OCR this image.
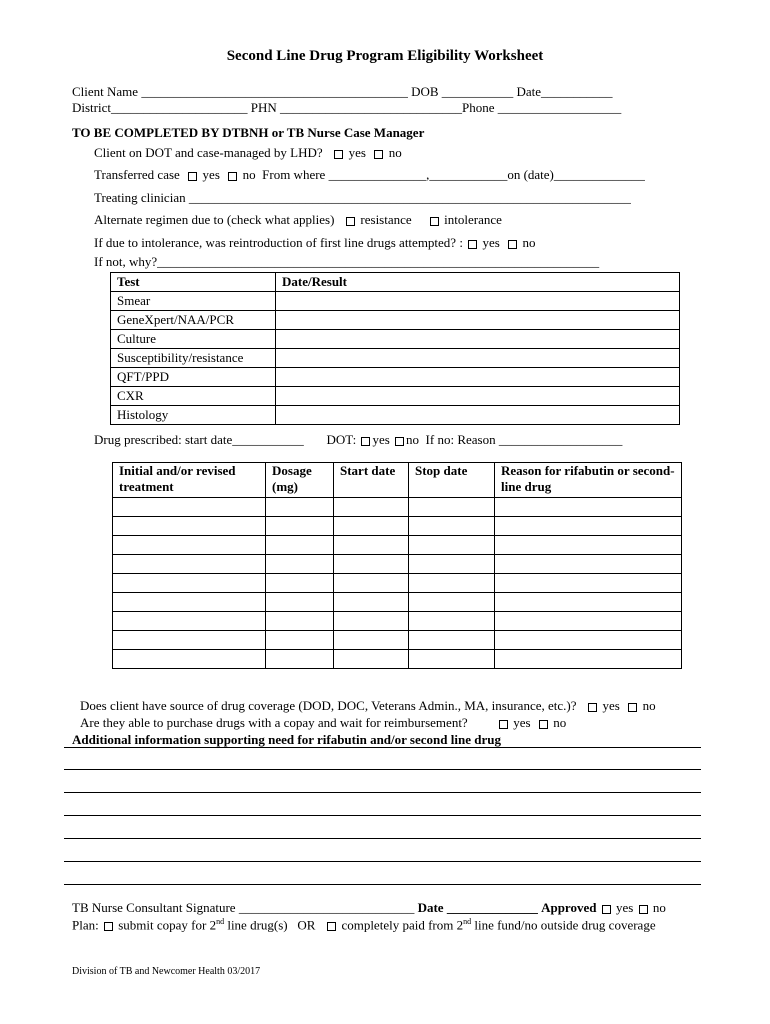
Second Line Drug Program Eligibility Worksheet
Client Name _________________________________________ DOB ___________ Date___________
District_____________________ PHN ____________________________Phone ___________________
TO BE COMPLETED BY DTBNH or TB Nurse Case Manager
Client on DOT and case-managed by LHD? yes no
Transferred case yes no From where _______________,____________on (date)______________
Treating clinician ____________________________________________________________________
Alternate regimen due to (check what applies) resistance	intolerance
If due to intolerance, was reintroduction of first line drugs attempted? : yes no
If not, why?____________________________________________________________________
Test	Date/Result
Smear	
GeneXpert/NAA/PCR	
Culture	
Susceptibility/resistance	
QFT/PPD	
CXR	
Histology	
Drug prescribed: start date___________ DOT: yes no If no: Reason ___________________
Initial and/or revised treatment	Dosage (mg)	Start date	Stop date	Reason for rifabutin or second-line drug

Does client have source of drug coverage (DOD, DOC, Veterans Admin., MA, insurance, etc.)? yes no
Are they able to purchase drugs with a copay and wait for reimbursement?	yes no
Additional information supporting need for rifabutin and/or second line drug
TB Nurse Consultant Signature ___________________________ Date ______________ Approved yes no
Plan: submit copay for 2nd line drug(s) OR completely paid from 2nd line fund/no outside drug coverage
Division of TB and Newcomer Health 03/2017
